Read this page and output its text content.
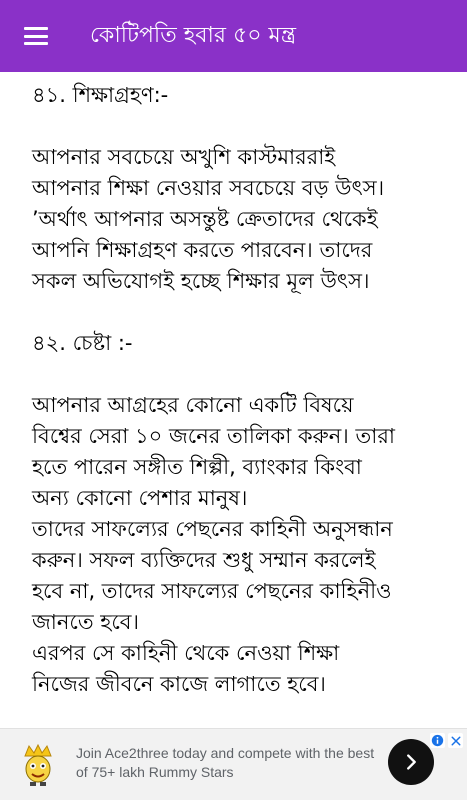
কোটিপতি হবার ৫০ মন্ত্র
৪১. শিক্ষাগ্রহণ:-
আপনার সবচেয়ে অখুশি কাস্টমাররাই
আপনার শিক্ষা নেওয়ার সবচেয়ে বড় উৎস।
’অর্থাৎ আপনার অসন্তুষ্ট ক্রেতাদের থেকেই
আপনি শিক্ষাগ্রহণ করতে পারবেন। তাদের
সকল অভিযোগই হচ্ছে শিক্ষার মূল উৎস।
৪২. চেষ্টা :-
আপনার আগ্রহের কোনো একটি বিষয়ে
বিশ্বের সেরা ১০ জনের তালিকা করুন। তারা
হতে পারেন সঙ্গীত শিল্পী, ব্যাংকার কিংবা
অন্য কোনো পেশার মানুষ।
তাদের সাফল্যের পেছনের কাহিনী অনুসন্ধান
করুন। সফল ব্যক্তিদের শুধু সম্মান করলেই
হবে না, তাদের সাফল্যের পেছনের কাহিনীও
জানতে হবে।
এরপর সে কাহিনী থেকে নেওয়া শিক্ষা
নিজের জীবনে কাজে লাগাতে হবে।
Join Ace2three today and compete with the best of 75+ lakh Rummy Stars
